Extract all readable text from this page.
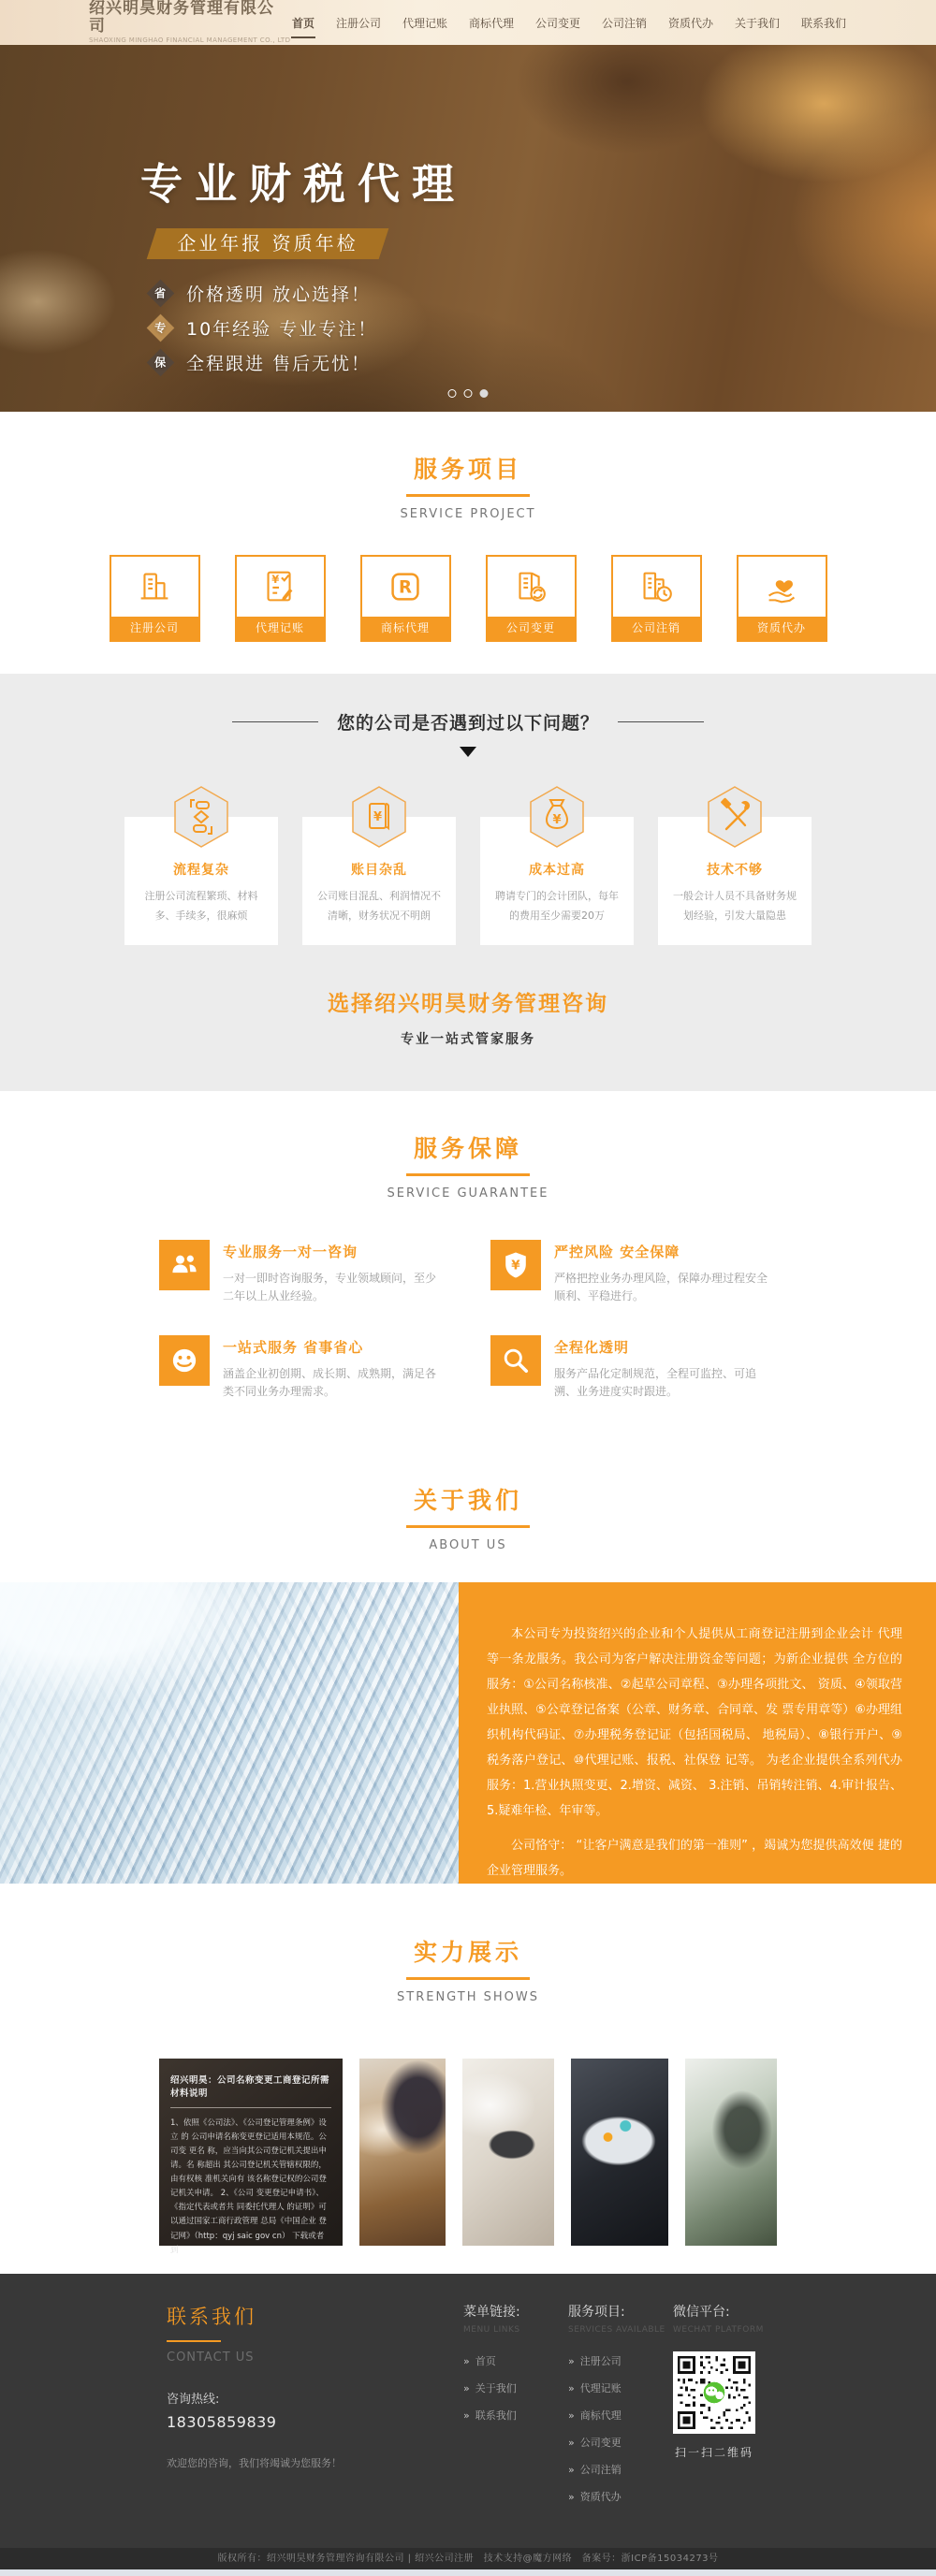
绍兴明昊财务管理有限公司
SHAOXING MINGHAO FINANCIAL MANAGEMENT CO., LTD
首页 注册公司 代理记账 商标代理 公司变更 公司注销 资质代办 关于我们 联系我们
专业财税代理
企业年报 资质年检
省 价格透明 放心选择！
专 10年经验 专业专注！
保 全程跟进 售后无忧！
服务项目
SERVICE PROJECT
注册公司
¥
代理记账
R
商标代理	公司变更	公司注销	资质代办
您的公司是否遇到过以下问题？
流程复杂
注册公司流程繁琐、材料多、手续多，很麻烦
¥
账目杂乱
公司账目混乱、利润情况不清晰，财务状况不明朗
¥
成本过高
聘请专门的会计团队，每年的费用至少需要20万
技术不够
一般会计人员不具备财务规划经验，引发大量隐患
选择绍兴明昊财务管理咨询
专业一站式管家服务
服务保障
SERVICE GUARANTEE
专业服务一对一咨询
一对一即时咨询服务，专业领域顾问，至少二年以上从业经验。
¥
严控风险 安全保障
严格把控业务办理风险，保障办理过程安全顺利、平稳进行。
一站式服务 省事省心
涵盖企业初创期、成长期、成熟期，满足各类不同业务办理需求。
全程化透明
服务产品化定制规范，全程可监控、可追溯、业务进度实时跟进。
关于我们
ABOUT US

本公司专为投资绍兴的企业和个人提供从工商登记注册到企业会计 代理等一条龙服务。我公司为客户解决注册资金等问题；为新企业提供 全方位的服务：①公司名称核准、②起草公司章程、③办理各项批文、 资质、④领取营业执照、⑤公章登记备案（公章、财务章、合同章、发 票专用章等）⑥办理组织机构代码证、⑦办理税务登记证（包括国税局、 地税局）、⑧银行开户、⑨税务落户登记、⑩代理记账、报税、社保登 记等。 为老企业提供全系列代办服务：1.营业执照变更、2.增资、减资、 3.注销、吊销转注销、4.审计报告、5.疑难年检、年审等。

公司恪守： “让客户满意是我们的第一准则” ，竭诚为您提供高效便 捷的企业管理服务。

实力展示
STRENGTH SHOWS
绍兴明昊：公司名称变更工商登记所需材料说明
1、依照《公司法》、《公司登记管理条例》设立 的 公司申请名称变更登记适用本规范。公司变 更名 称，应当向其公司登记机关提出申请。名 称超出 其公司登记机关管辖权限的，由有权核 准机关向有 该名称登记权的公司登记机关申请。 2、《公司 变更登记申请书》、《指定代表或者共 同委托代理人 的证明》可以通过国家工商行政管理 总局《中国企业 登记网》（http：qyj saic gov cn） 下载或者到
联系我们
CONTACT US
咨询热线:
18305859839
欢迎您的咨询，我们将竭诚为您服务！
菜单链接:
MENU LINKS
» 首页
» 关于我们
» 联系我们
服务项目:
SERVICES AVAILABLE
» 注册公司
» 代理记账
» 商标代理
» 公司变更
» 公司注销
» 资质代办
微信平台:
WECHAT PLATFORM
扫一扫二维码
版权所有：绍兴明昊财务管理咨询有限公司 | 绍兴公司注册　技术支持@魔方网络　备案号：浙ICP备15034273号
